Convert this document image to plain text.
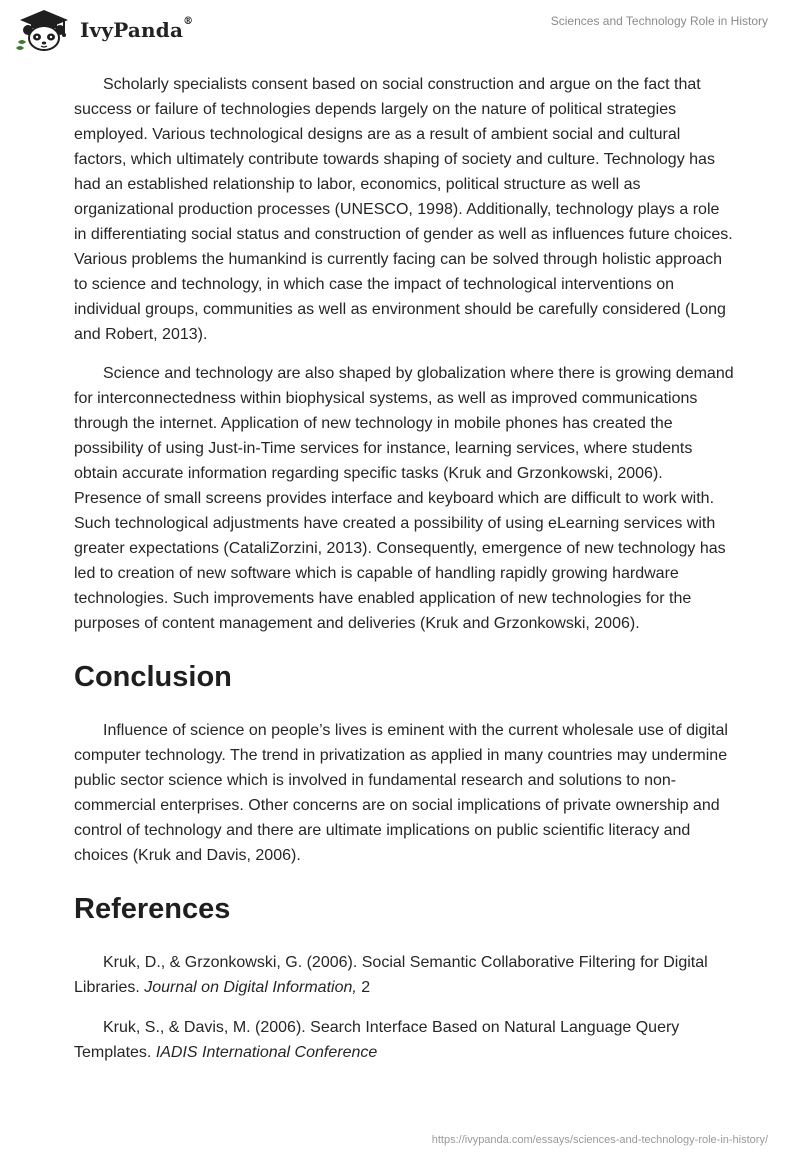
IvyPanda®	Sciences and Technology Role in History

Scholarly specialists consent based on social construction and argue on the fact that success or failure of technologies depends largely on the nature of political strategies employed. Various technological designs are as a result of ambient social and cultural factors, which ultimately contribute towards shaping of society and culture. Technology has had an established relationship to labor, economics, political structure as well as organizational production processes (UNESCO, 1998). Additionally, technology plays a role in differentiating social status and construction of gender as well as influences future choices. Various problems the humankind is currently facing can be solved through holistic approach to science and technology, in which case the impact of technological interventions on individual groups, communities as well as environment should be carefully considered (Long and Robert, 2013).

Science and technology are also shaped by globalization where there is growing demand for interconnectedness within biophysical systems, as well as improved communications through the internet. Application of new technology in mobile phones has created the possibility of using Just-in-Time services for instance, learning services, where students obtain accurate information regarding specific tasks (Kruk and Grzonkowski, 2006). Presence of small screens provides interface and keyboard which are difficult to work with. Such technological adjustments have created a possibility of using eLearning services with greater expectations (CataliZorzini, 2013). Consequently, emergence of new technology has led to creation of new software which is capable of handling rapidly growing hardware technologies. Such improvements have enabled application of new technologies for the purposes of content management and deliveries (Kruk and Grzonkowski, 2006).

Conclusion

Influence of science on people’s lives is eminent with the current wholesale use of digital computer technology. The trend in privatization as applied in many countries may undermine public sector science which is involved in fundamental research and solutions to non-commercial enterprises. Other concerns are on social implications of private ownership and control of technology and there are ultimate implications on public scientific literacy and choices (Kruk and Davis, 2006).

References

Kruk, D., & Grzonkowski, G. (2006). Social Semantic Collaborative Filtering for Digital Libraries. Journal on Digital Information, 2

Kruk, S., & Davis, M. (2006). Search Interface Based on Natural Language Query Templates. IADIS International Conference

https://ivypanda.com/essays/sciences-and-technology-role-in-history/
